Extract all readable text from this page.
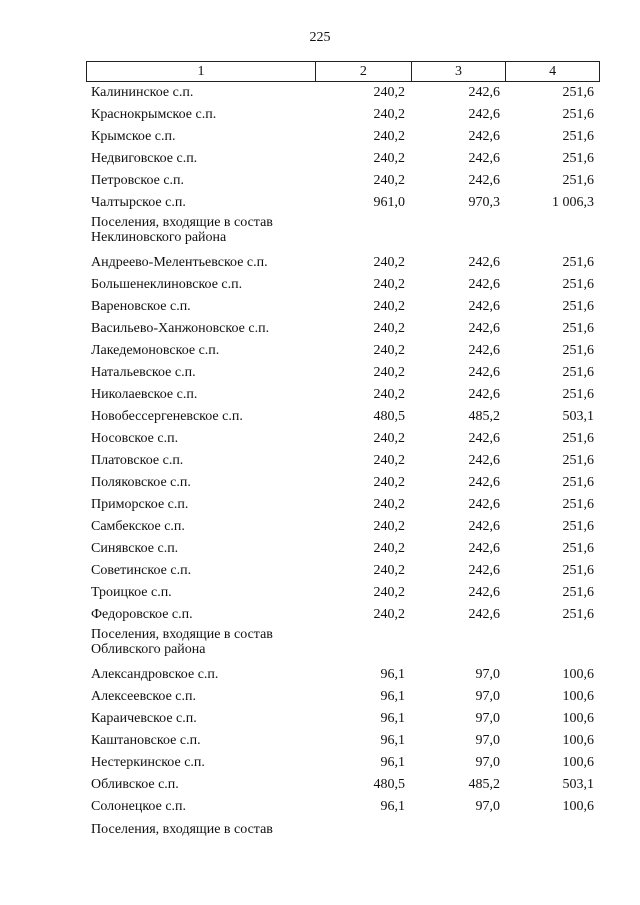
225
1	2	3	4
Калининское с.п.	240,2	242,6	251,6
Краснокрымское с.п.	240,2	242,6	251,6
Крымское с.п.	240,2	242,6	251,6
Недвиговское с.п.	240,2	242,6	251,6
Петровское с.п.	240,2	242,6	251,6
Чалтырское с.п.	961,0	970,3	1 006,3
Поселения, входящие в состав
Неклиновского района
Андреево-Мелентьевское с.п.	240,2	242,6	251,6
Большенеклиновское с.п.	240,2	242,6	251,6
Вареновское с.п.	240,2	242,6	251,6
Васильево-Ханжоновское с.п.	240,2	242,6	251,6
Лакедемоновское с.п.	240,2	242,6	251,6
Натальевское с.п.	240,2	242,6	251,6
Николаевское с.п.	240,2	242,6	251,6
Новобессергеневское с.п.	480,5	485,2	503,1
Носовское с.п.	240,2	242,6	251,6
Платовское с.п.	240,2	242,6	251,6
Поляковское с.п.	240,2	242,6	251,6
Приморское с.п.	240,2	242,6	251,6
Самбекское с.п.	240,2	242,6	251,6
Синявское с.п.	240,2	242,6	251,6
Советинское с.п.	240,2	242,6	251,6
Троицкое с.п.	240,2	242,6	251,6
Федоровское с.п.	240,2	242,6	251,6
Поселения, входящие в состав
Обливского района
Александровское с.п.	96,1	97,0	100,6
Алексеевское с.п.	96,1	97,0	100,6
Караичевское с.п.	96,1	97,0	100,6
Каштановское с.п.	96,1	97,0	100,6
Нестеркинское с.п.	96,1	97,0	100,6
Обливское с.п.	480,5	485,2	503,1
Солонецкое с.п.	96,1	97,0	100,6
Поселения, входящие в состав
